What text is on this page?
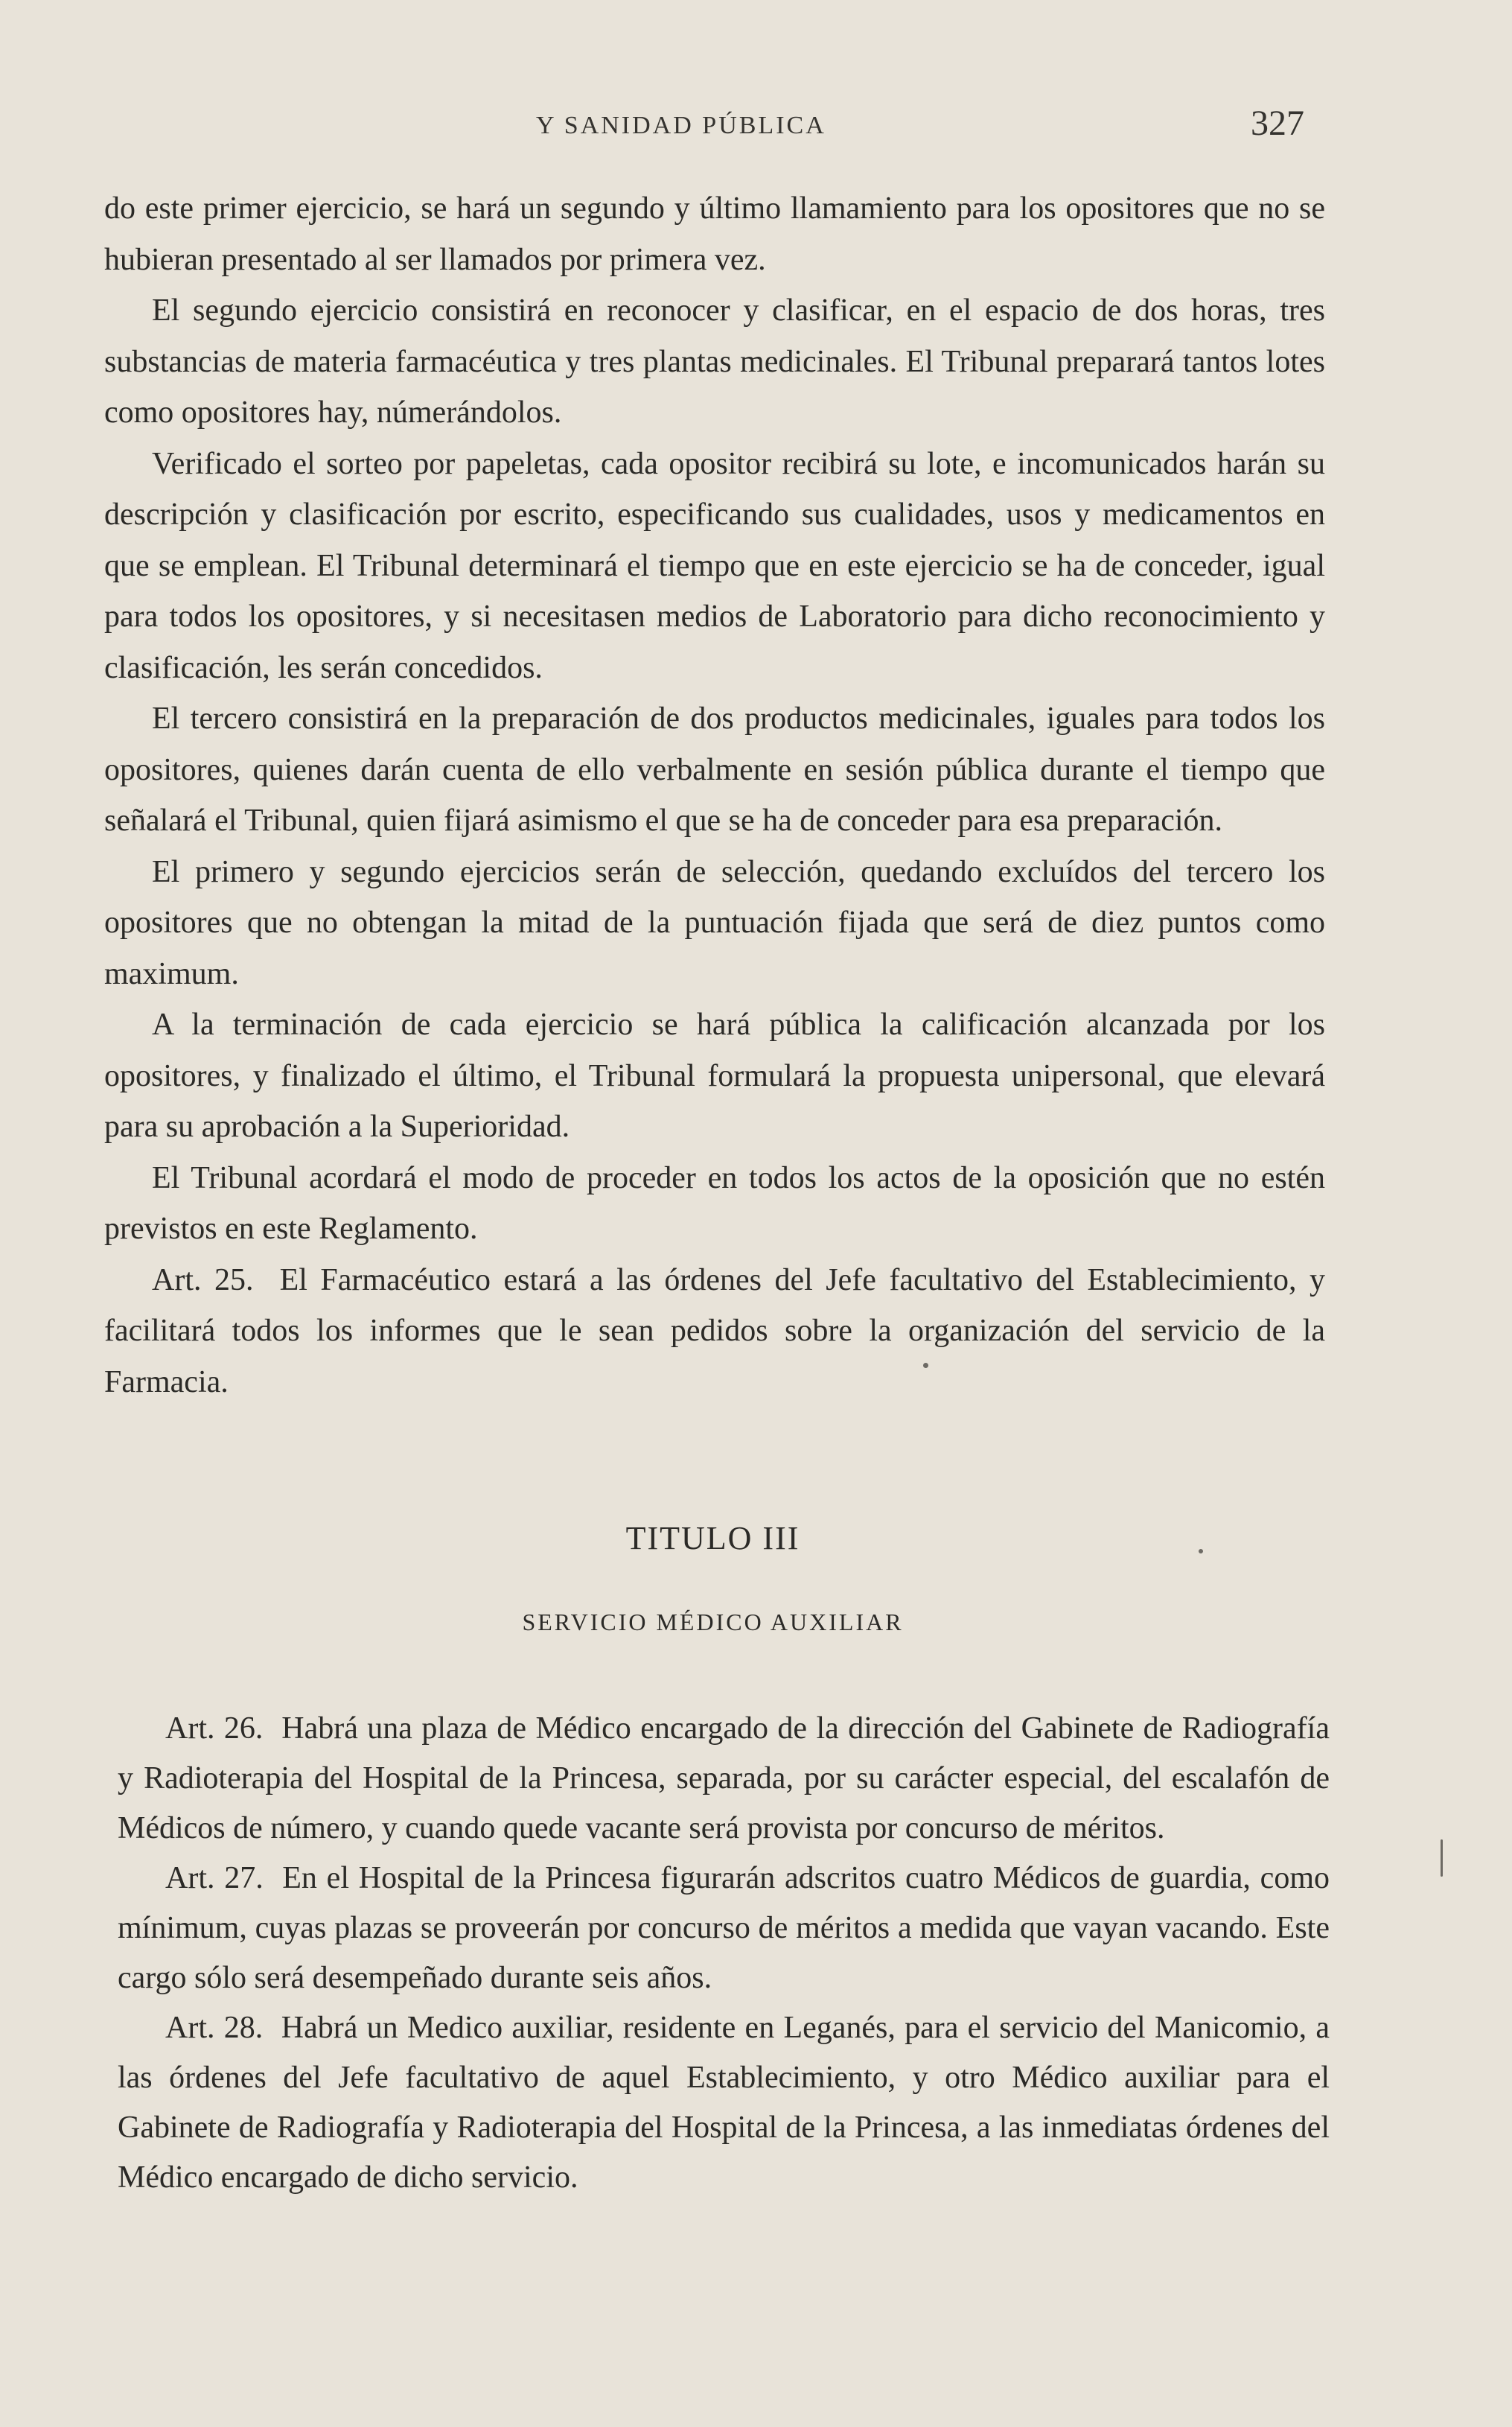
Y SANIDAD PÚBLICA	327

do este primer ejercicio, se hará un segundo y último llamamiento para los opositores que no se hubieran presentado al ser llamados por primera vez.

El segundo ejercicio consistirá en reconocer y clasificar, en el espacio de dos horas, tres substancias de materia farmacéutica y tres plantas medicinales. El Tribunal preparará tantos lotes como opositores hay, númerándolos.

Verificado el sorteo por papeletas, cada opositor recibirá su lote, e incomunicados harán su descripción y clasificación por escrito, especificando sus cualidades, usos y medicamentos en que se emplean. El Tribunal determinará el tiempo que en este ejercicio se ha de conceder, igual para todos los opositores, y si necesitasen medios de Laboratorio para dicho reconocimiento y clasificación, les serán concedidos.

El tercero consistirá en la preparación de dos productos medicinales, iguales para todos los opositores, quienes darán cuenta de ello verbalmente en sesión pública durante el tiempo que señalará el Tribunal, quien fijará asimismo el que se ha de conceder para esa preparación.

El primero y segundo ejercicios serán de selección, quedando excluídos del tercero los opositores que no obtengan la mitad de la puntuación fijada que será de diez puntos como maximum.

A la terminación de cada ejercicio se hará pública la calificación alcanzada por los opositores, y finalizado el último, el Tribunal formulará la propuesta unipersonal, que elevará para su aprobación a la Superioridad.

El Tribunal acordará el modo de proceder en todos los actos de la oposición que no estén previstos en este Reglamento.

Art. 25. El Farmacéutico estará a las órdenes del Jefe facultativo del Establecimiento, y facilitará todos los informes que le sean pedidos sobre la organización del servicio de la Farmacia.

TITULO III
SERVICIO MÉDICO AUXILIAR

Art. 26. Habrá una plaza de Médico encargado de la dirección del Gabinete de Radiografía y Radioterapia del Hospital de la Princesa, separada, por su carácter especial, del escalafón de Médicos de número, y cuando quede vacante será provista por concurso de méritos.

Art. 27. En el Hospital de la Princesa figurarán adscritos cuatro Médicos de guardia, como mínimum, cuyas plazas se proveerán por concurso de méritos a medida que vayan vacando. Este cargo sólo será desempeñado durante seis años.

Art. 28. Habrá un Medico auxiliar, residente en Leganés, para el servicio del Manicomio, a las órdenes del Jefe facultativo de aquel Establecimiento, y otro Médico auxiliar para el Gabinete de Radiografía y Radioterapia del Hospital de la Princesa, a las inmediatas órdenes del Médico encargado de dicho servicio.
